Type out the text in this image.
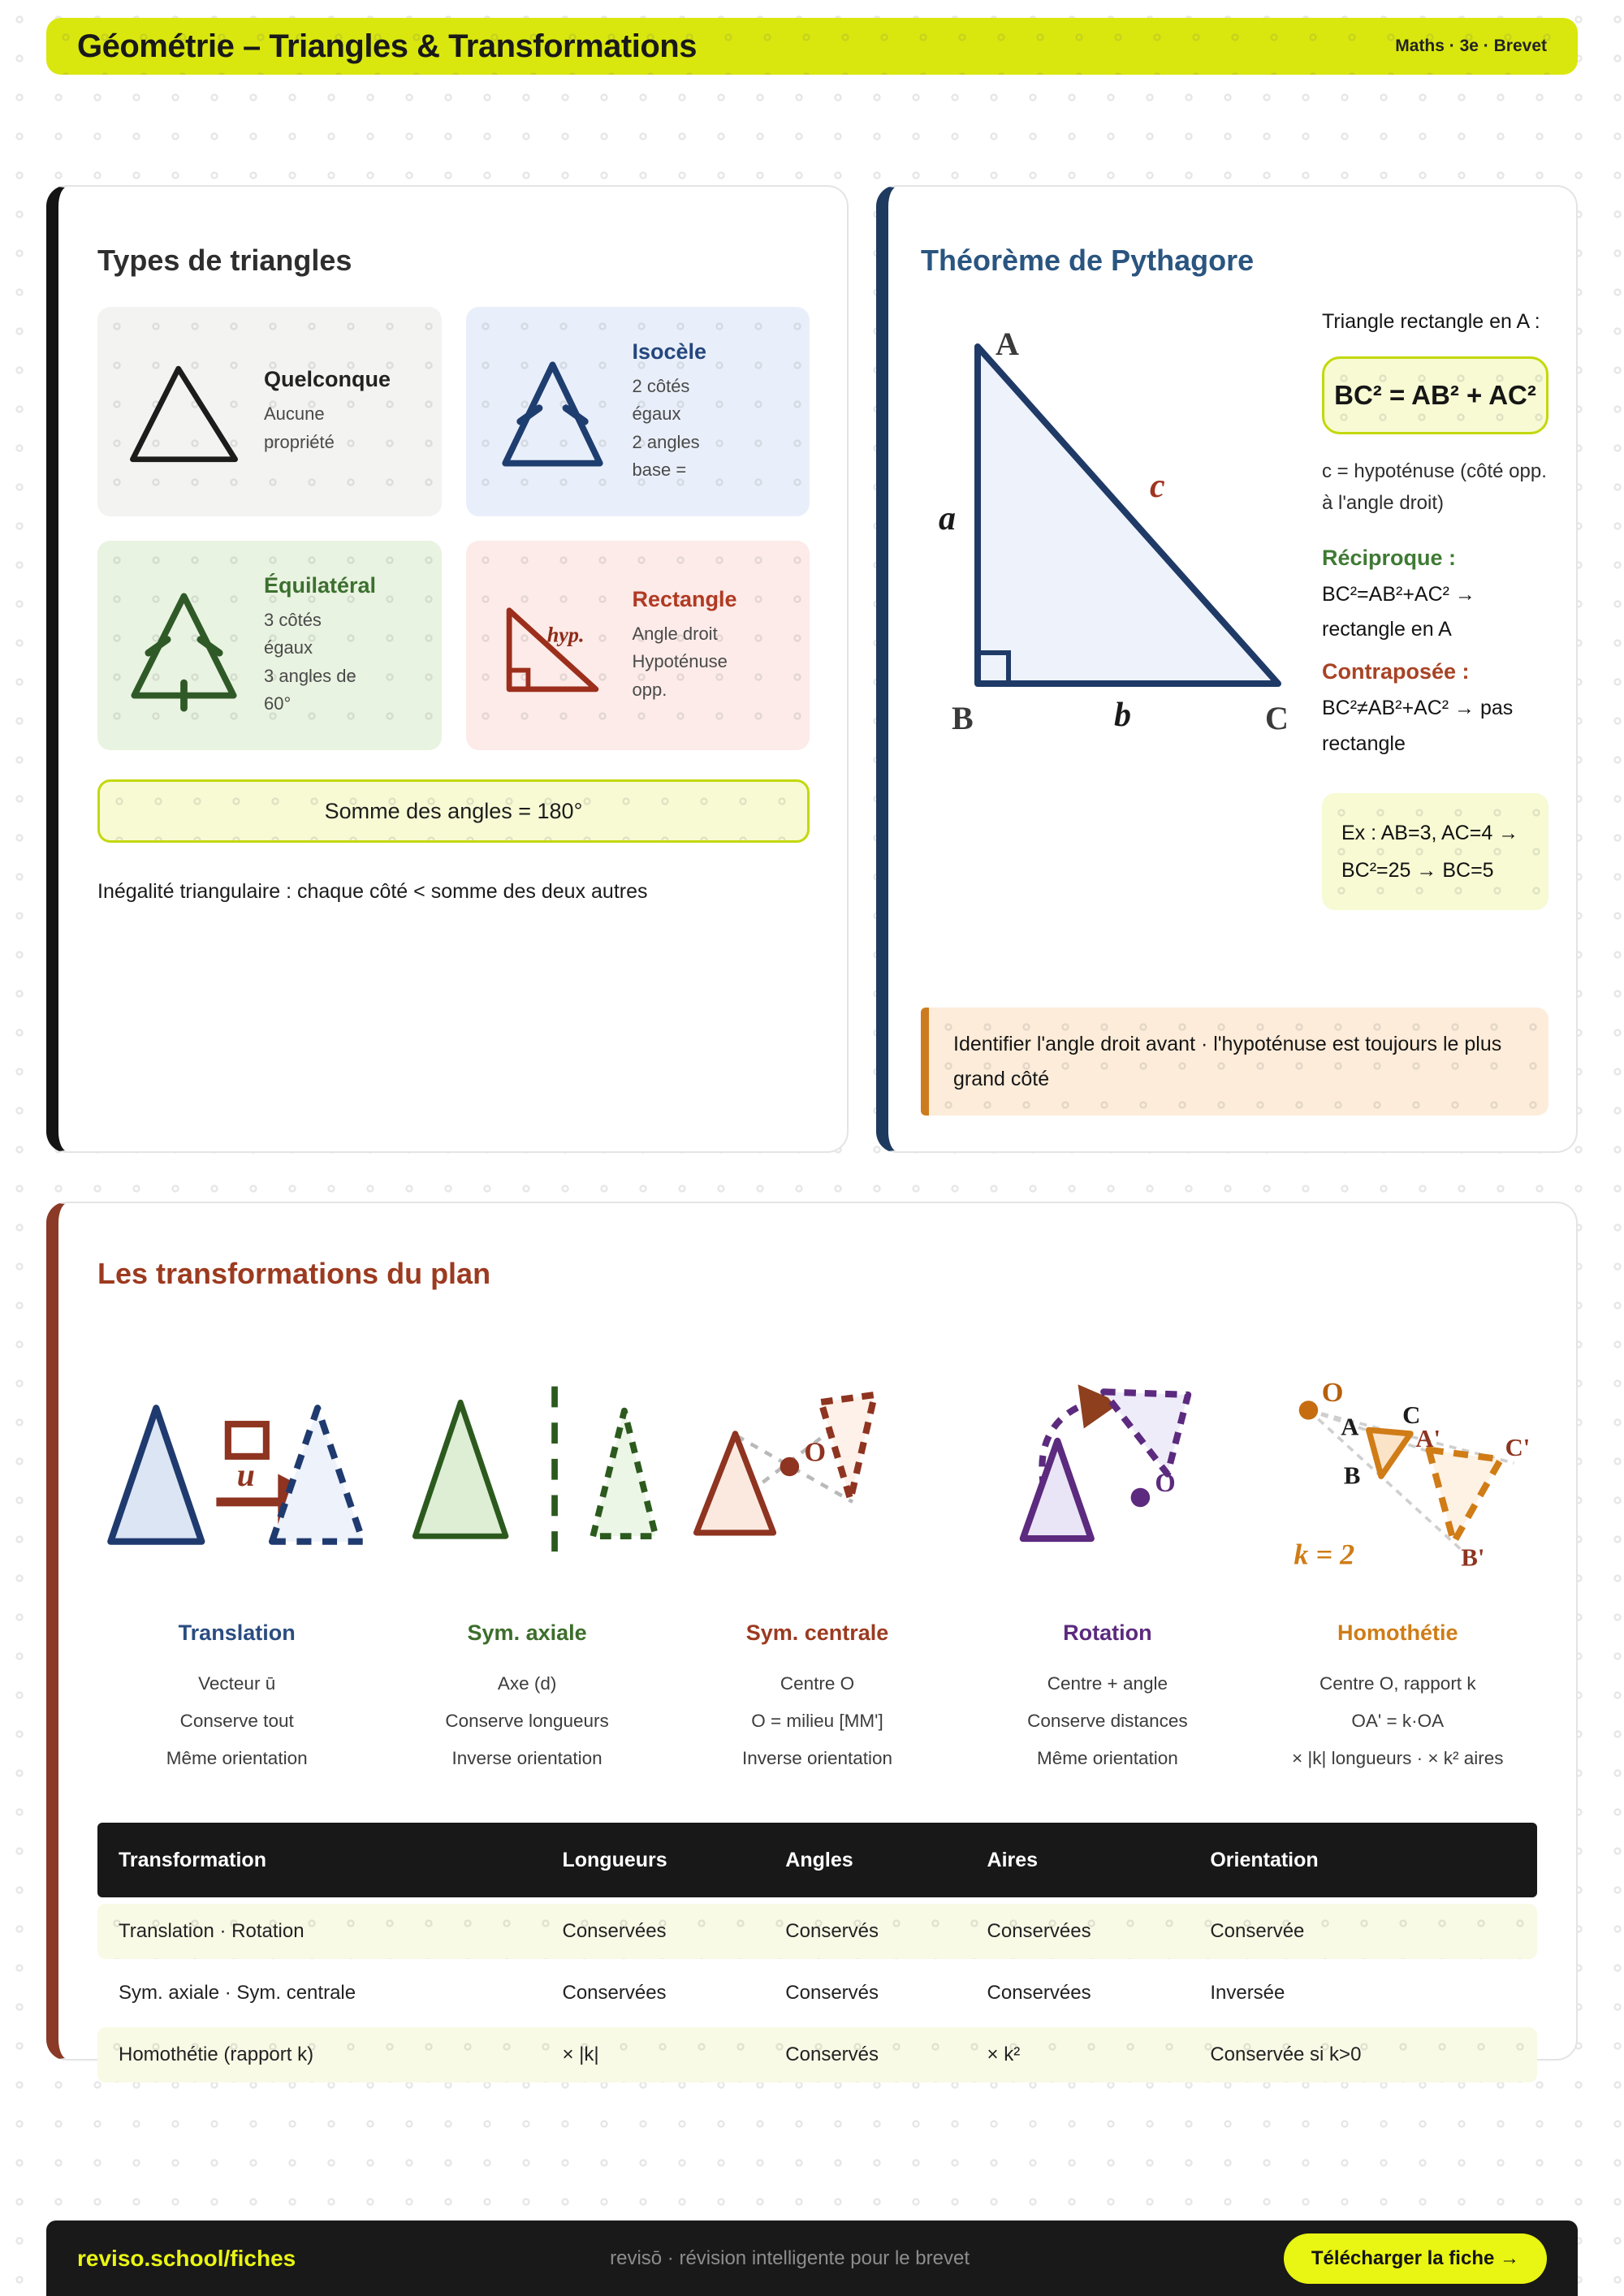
Géométrie – Triangles & Transformations	Maths · 3e · Brevet
Types de triangles
Quelconque
Aucune
propriété
Isocèle
2 côtés
égaux
2 angles
base =
Équilatéral
3 côtés
égaux
3 angles de
60°
hyp.
Rectangle
Angle droit
Hypoténuse
opp.
Somme des angles = 180°
Inégalité triangulaire : chaque côté < somme des deux autres
Théorème de Pythagore
A
B	C
a
b
c
Triangle rectangle en A :
BC² = AB² + AC²
c = hypoténuse (côté opp. à l'angle droit)
Réciproque :
BC²=AB²+AC² → rectangle en A
Contraposée :
BC²≠AB²+AC² → pas rectangle
Ex : AB=3, AC=4 → BC²=25 → BC=5
Identifier l'angle droit avant · l'hypoténuse est toujours le plus grand côté
Les transformations du plan
u
Translation
Vecteur ū
Conserve tout
Même orientation
Sym. axiale
Axe (d)
Conserve longueurs
Inverse orientation
O
Sym. centrale
Centre O
O = milieu [MM']
Inverse orientation
O
Rotation
Centre + angle
Conserve distances
Même orientation
O
A C
B
A' C'
B'
k = 2
Homothétie
Centre O, rapport k
OA' = k·OA
× |k| longueurs · × k² aires
Transformation	Longueurs	Angles	Aires	Orientation
Translation · Rotation	Conservées	Conservés	Conservées	Conservée
Sym. axiale · Sym. centrale	Conservées	Conservés	Conservées	Inversée
Homothétie (rapport k)	× |k|	Conservés	× k²	Conservée si k>0
reviso.school/fiches	revisō · révision intelligente pour le brevet	Télécharger la fiche →
